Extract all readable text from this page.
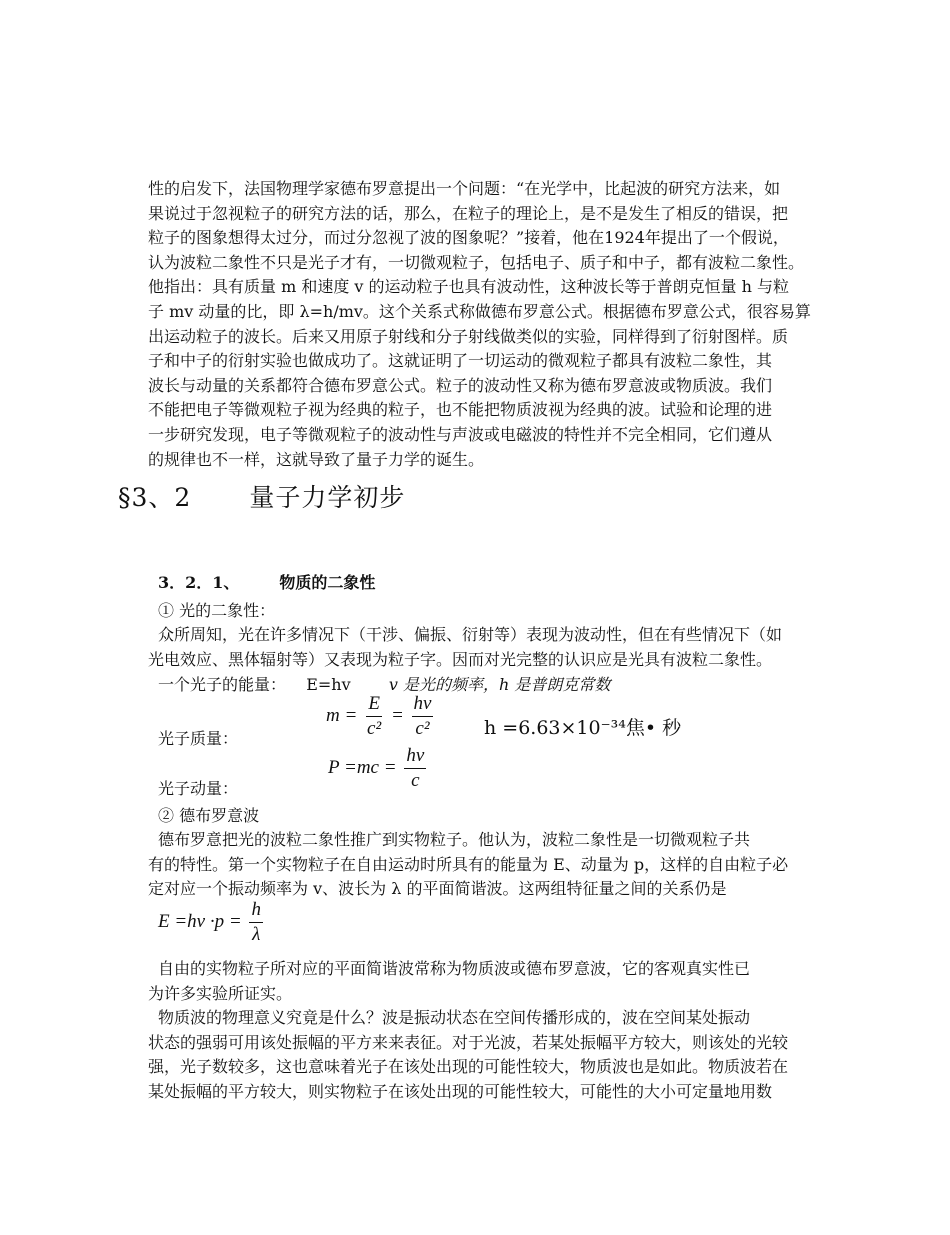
性的启发下，法国物理学家德布罗意提出一个问题：“在光学中，比起波的研究方法来，如
果说过于忽视粒子的研究方法的话，那么，在粒子的理论上，是不是发生了相反的错误，把
粒子的图象想得太过分，而过分忽视了波的图象呢？”接着，他在1924年提出了一个假说，
认为波粒二象性不只是光子才有，一切微观粒子，包括电子、质子和中子，都有波粒二象性。
他指出：具有质量 m 和速度 v 的运动粒子也具有波动性，这种波长等于普朗克恒量 h 与粒
子 mv 动量的比，即 λ=h/mv。这个关系式称做德布罗意公式。根据德布罗意公式，很容易算
出运动粒子的波长。后来又用原子射线和分子射线做类似的实验，同样得到了衍射图样。质
子和中子的衍射实验也做成功了。这就证明了一切运动的微观粒子都具有波粒二象性，其
波长与动量的关系都符合德布罗意公式。粒子的波动性又称为德布罗意波或物质波。我们
不能把电子等微观粒子视为经典的粒子，也不能把物质波视为经典的波。试验和论理的进
一步研究发现，电子等微观粒子的波动性与声波或电磁波的特性并不完全相同，它们遵从
的规律也不一样，这就导致了量子力学的诞生。
§3、2 量子力学初步
3．2．1、	物质的二象性
① 光的二象性：
众所周知，光在许多情况下（干涉、偏振、衍射等）表现为波动性，但在有些情况下（如
光电效应、黑体辐射等）又表现为粒子字。因而对光完整的认识应是光具有波粒二象性。
一个光子的能量： E=hv v 是光的频率，h 是普朗克常数
光子质量：
$m = \frac{E}{\text{c²}} = \frac{hv}{\text{c²}}$	h =6.63×10⁻³⁴焦• 秒
光子动量：
$P =mc = \frac{hv}{c}$
② 德布罗意波
德布罗意把光的波粒二象性推广到实物粒子。他认为，波粒二象性是一切微观粒子共
有的特性。第一个实物粒子在自由运动时所具有的能量为 E、动量为 p，这样的自由粒子必
定对应一个振动频率为 v、波长为 λ 的平面简谐波。这两组特征量之间的关系仍是
$E =hv \cdot p = \frac{h}{\lambda}$
自由的实物粒子所对应的平面简谐波常称为物质波或德布罗意波，它的客观真实性已
为许多实验所证实。
物质波的物理意义究竟是什么？波是振动状态在空间传播形成的，波在空间某处振动
状态的强弱可用该处振幅的平方来来表征。对于光波，若某处振幅平方较大，则该处的光较
强，光子数较多，这也意味着光子在该处出现的可能性较大，物质波也是如此。物质波若在
某处振幅的平方较大，则实物粒子在该处出现的可能性较大，可能性的大小可定量地用数
